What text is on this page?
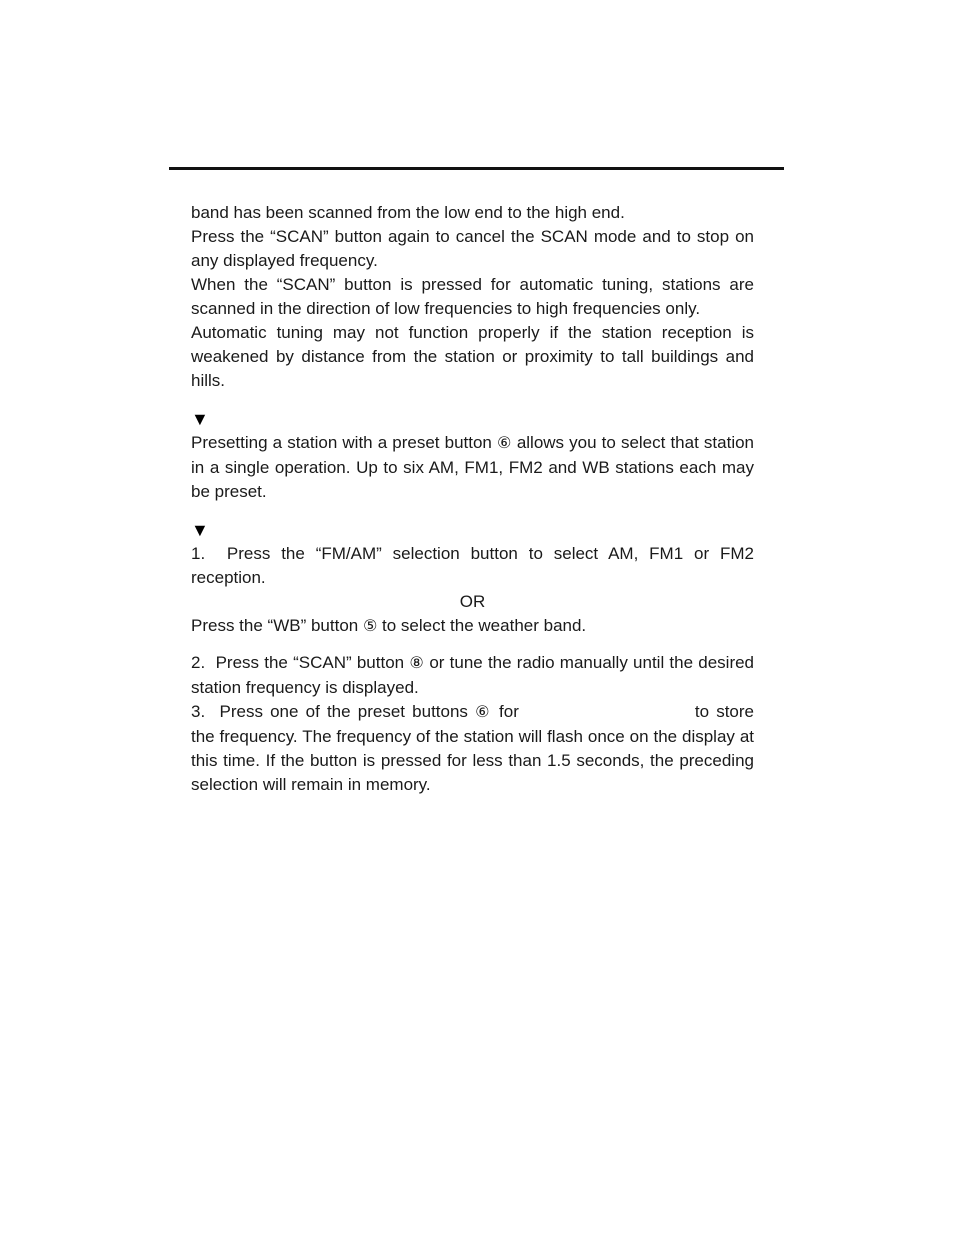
band has been scanned from the low end to the high end.

Press the “SCAN” button again to cancel the SCAN mode and to stop on any displayed frequency.

When the “SCAN” button is pressed for automatic tuning, stations are scanned in the direction of low frequencies to high frequencies only.

Automatic tuning may not function properly if the station reception is weakened by distance from the station or proximity to tall buildings and hills.

▼

Presetting a station with a preset button ⑥ allows you to select that station in a single operation. Up to six AM, FM1, FM2 and WB stations each may be preset.

▼

1.  Press the “FM/AM” selection button to select AM, FM1 or FM2 reception.

OR

Press the “WB” button ⑤ to select the weather band.

2.  Press the “SCAN” button ⑧ or tune the radio manually until the desired station frequency is displayed.

3.  Press one of the preset buttons ⑥ for	to store the frequency. The frequency of the station will flash once on the display at this time. If the button is pressed for less than 1.5 seconds, the preceding selection will remain in memory.
